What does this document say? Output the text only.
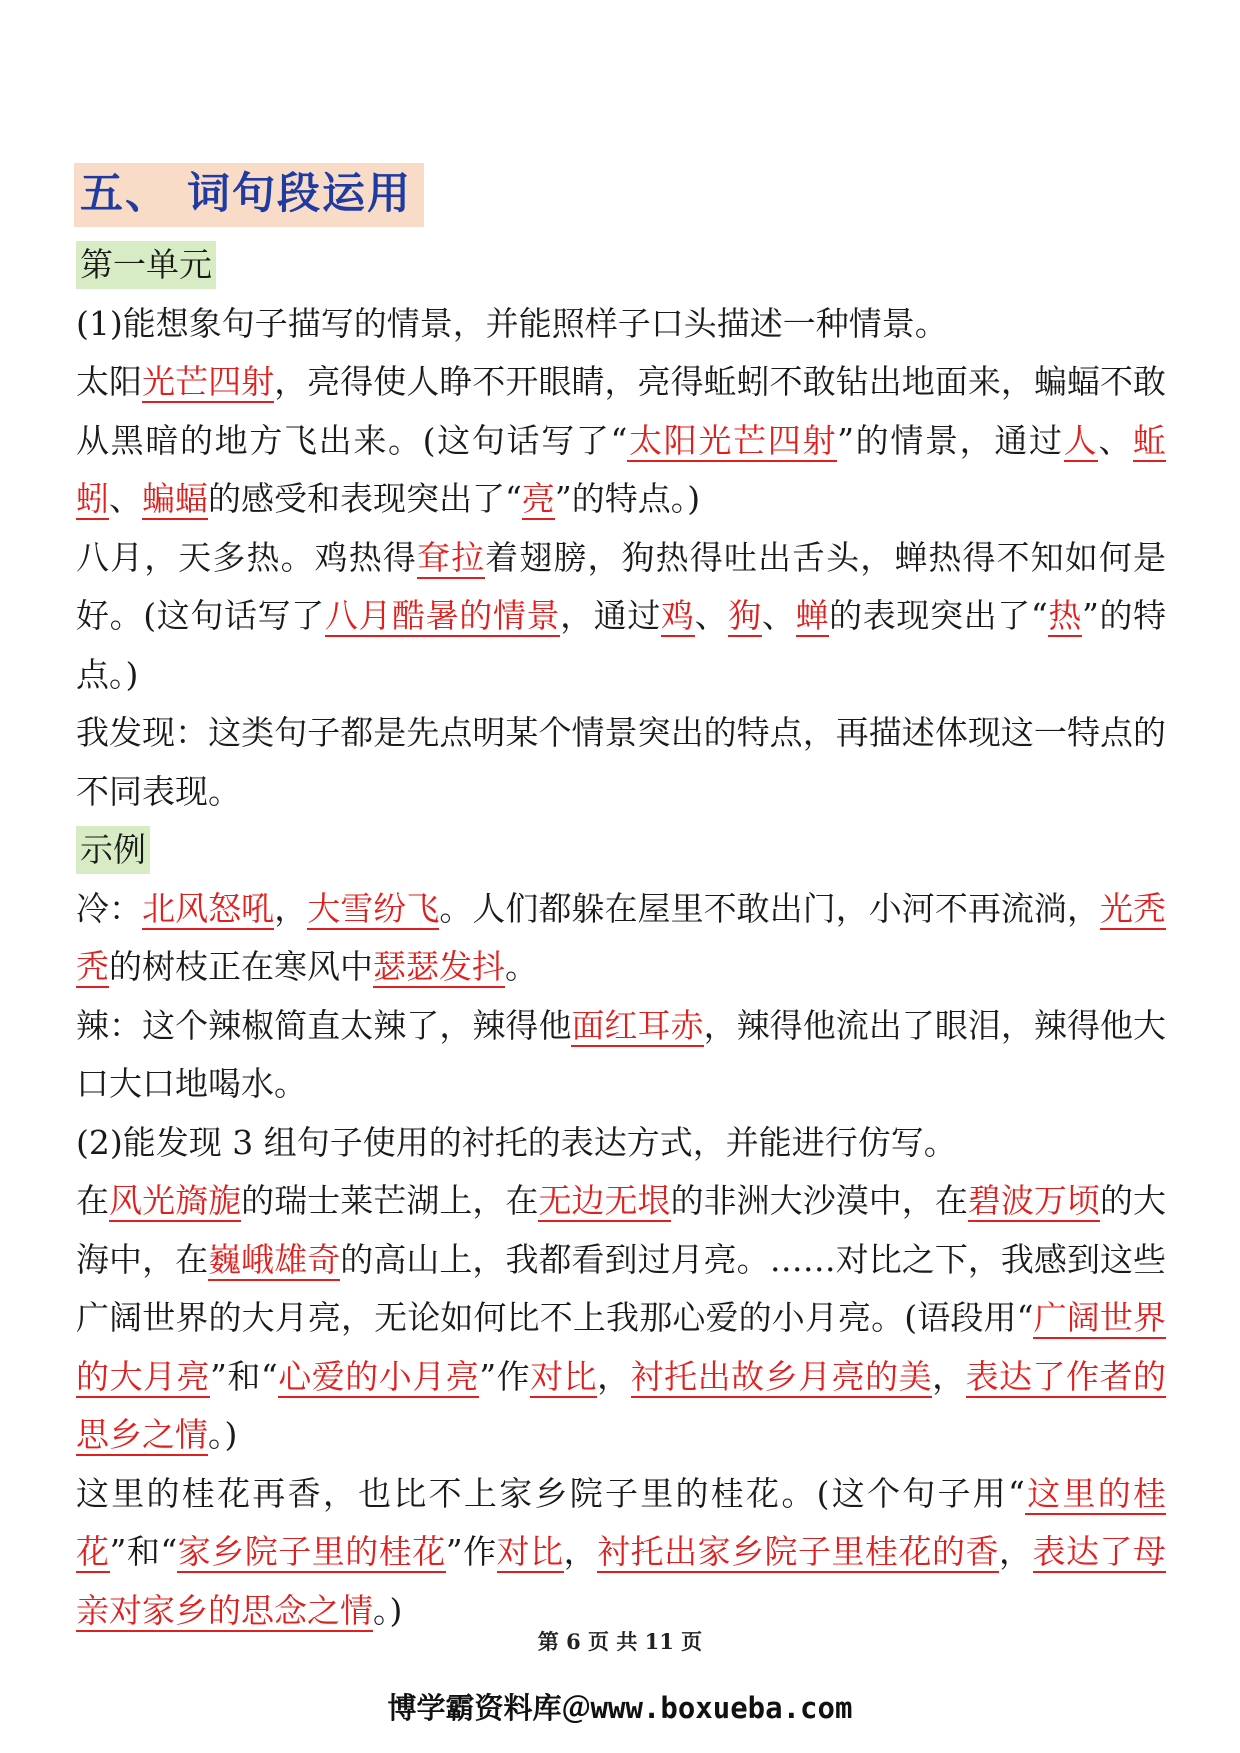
五、 词句段运用
第一单元
(1)能想象句子描写的情景，并能照样子口头描述一种情景。
太阳光芒四射，亮得使人睁不开眼睛，亮得蚯蚓不敢钻出地面来，蝙蝠不敢从黑暗的地方飞出来。(这句话写了“太阳光芒四射”的情景，通过人、蚯蚓、蝙蝠的感受和表现突出了“亮”的特点。)
八月，天多热。鸡热得耷拉着翅膀，狗热得吐出舌头，蝉热得不知如何是好。(这句话写了八月酷暑的情景，通过鸡、狗、蝉的表现突出了“热”的特点。)
我发现：这类句子都是先点明某个情景突出的特点，再描述体现这一特点的不同表现。
示例
冷：北风怒吼，大雪纷飞。人们都躲在屋里不敢出门，小河不再流淌，光秃秃的树枝正在寒风中瑟瑟发抖。
辣：这个辣椒简直太辣了，辣得他面红耳赤，辣得他流出了眼泪，辣得他大口大口地喝水。
(2)能发现 3 组句子使用的衬托的表达方式，并能进行仿写。
在风光旖旎的瑞士莱芒湖上，在无边无垠的非洲大沙漠中，在碧波万顷的大海中，在巍峨雄奇的高山上，我都看到过月亮。……对比之下，我感到这些广阔世界的大月亮，无论如何比不上我那心爱的小月亮。(语段用“广阔世界的大月亮”和“心爱的小月亮”作对比，衬托出故乡月亮的美，表达了作者的思乡之情。)
这里的桂花再香，也比不上家乡院子里的桂花。(这个句子用“这里的桂花”和“家乡院子里的桂花”作对比，衬托出家乡院子里桂花的香，表达了母亲对家乡的思念之情。)
第 6 页 共 11 页
博学霸资料库＠www.boxueba.com
